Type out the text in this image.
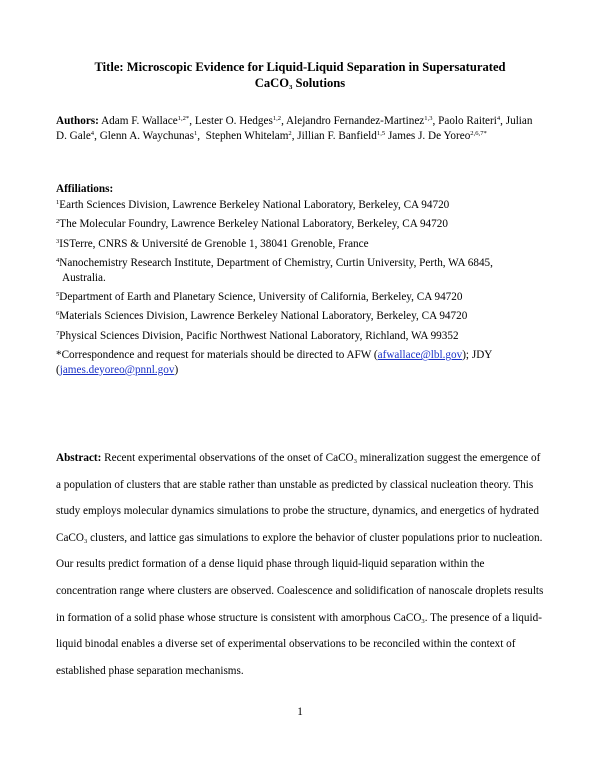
Title: Microscopic Evidence for Liquid-Liquid Separation in Supersaturated
CaCO$_3$ Solutions
Authors: Adam F. Wallace$^{1,2*}$, Lester O. Hedges$^{1,2}$, Alejandro Fernandez-Martinez$^{1,3}$, Paolo Raiteri$^4$, Julian D. Gale$^4$, Glenn A. Waychunas$^1$,  Stephen Whitelam$^2$, Jillian F. Banfield$^{1,5}$ James J. De Yoreo$^{2,6,7*}$
Affiliations:
$^1$Earth Sciences Division, Lawrence Berkeley National Laboratory, Berkeley, CA 94720
$^2$The Molecular Foundry, Lawrence Berkeley National Laboratory, Berkeley, CA 94720
$^3$ISTerre, CNRS & Université de Grenoble 1, 38041 Grenoble, France
$^4$Nanochemistry Research Institute, Department of Chemistry, Curtin University, Perth, WA 6845,
Australia.
$^5$Department of Earth and Planetary Science, University of California, Berkeley, CA 94720
$^6$Materials Sciences Division, Lawrence Berkeley National Laboratory, Berkeley, CA 94720
$^7$Physical Sciences Division, Pacific Northwest National Laboratory, Richland, WA 99352
*Correspondence and request for materials should be directed to AFW (afwallace@lbl.gov); JDY
(james.deyoreo@pnnl.gov)
Abstract: Recent experimental observations of the onset of CaCO$_3$ mineralization suggest the emergence of a population of clusters that are stable rather than unstable as predicted by classical nucleation theory. This study employs molecular dynamics simulations to probe the structure, dynamics, and energetics of hydrated CaCO$_3$ clusters, and lattice gas simulations to explore the behavior of cluster populations prior to nucleation. Our results predict formation of a dense liquid phase through liquid-liquid separation within the concentration range where clusters are observed. Coalescence and solidification of nanoscale droplets results in formation of a solid phase whose structure is consistent with amorphous CaCO$_3$. The presence of a liquid-liquid binodal enables a diverse set of experimental observations to be reconciled within the context of established phase separation mechanisms.
1
